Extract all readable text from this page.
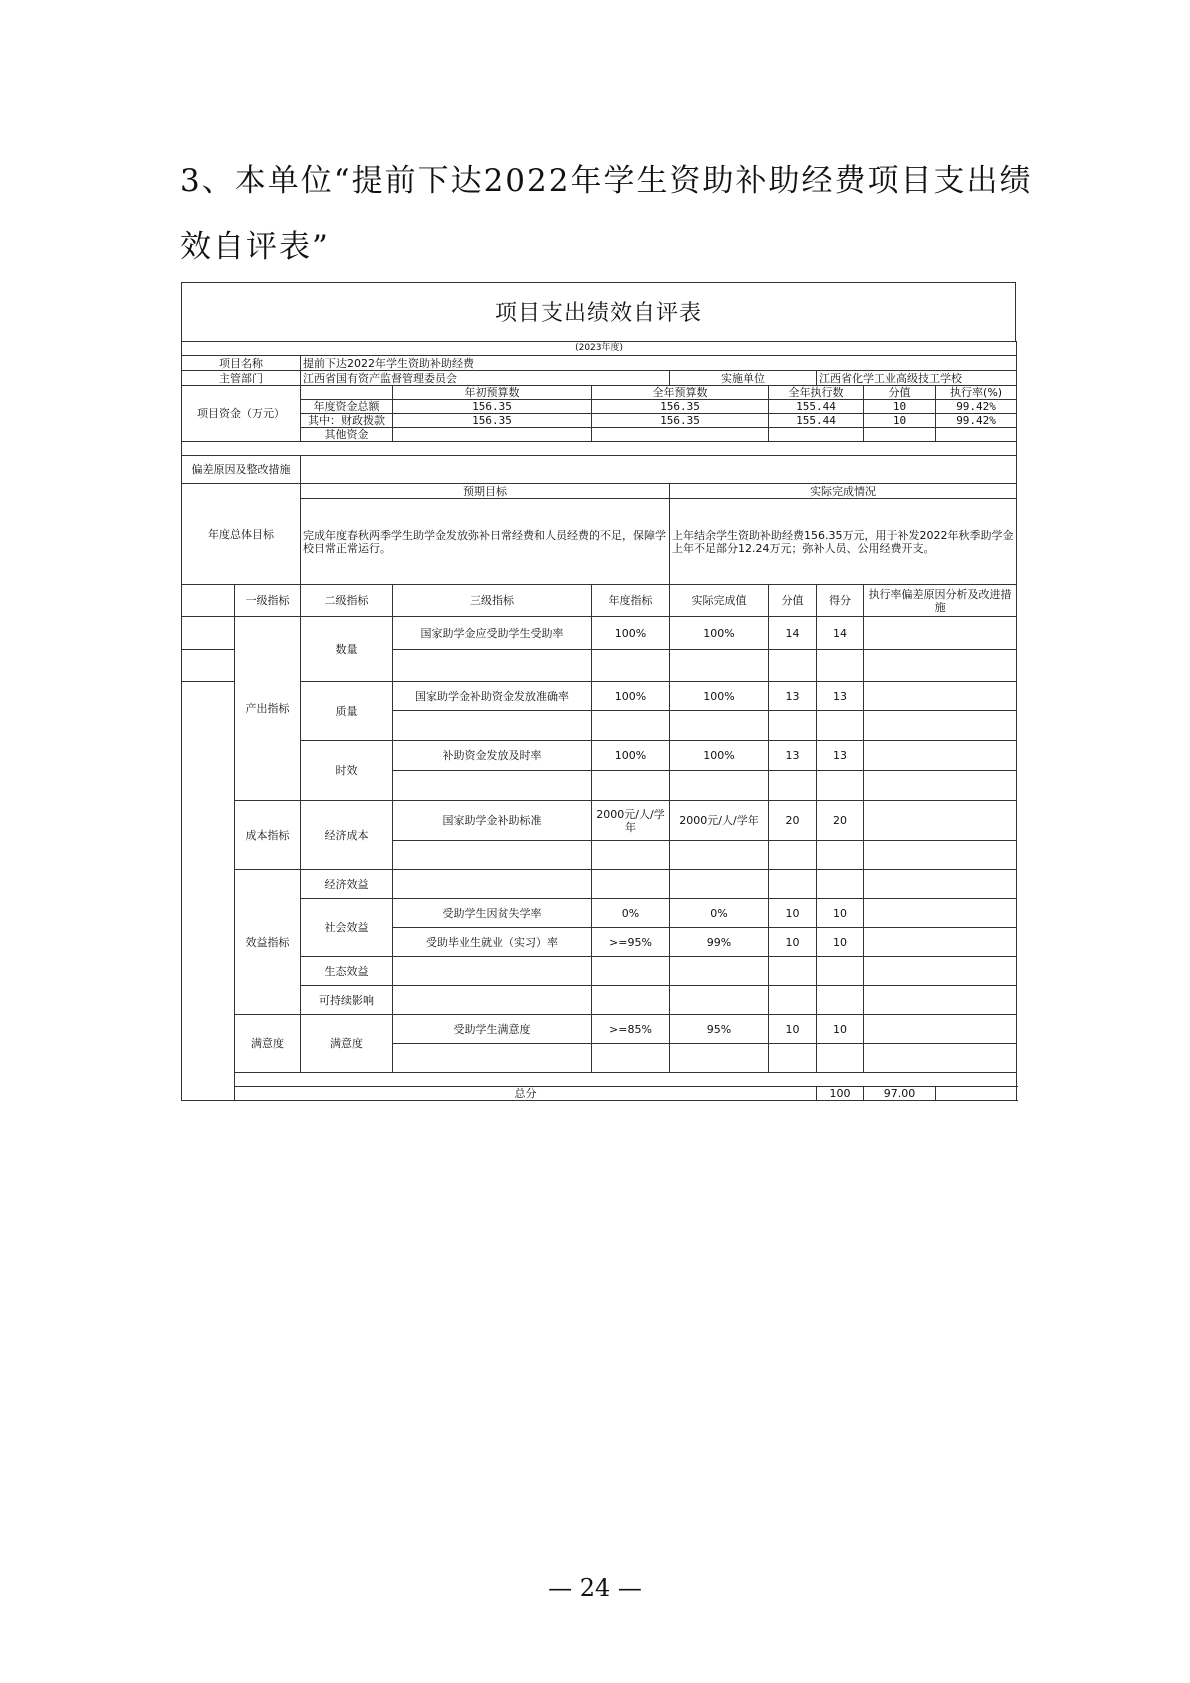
3、本单位“提前下达2022年学生资助补助经费项目支出绩
效自评表”
项目支出绩效自评表
(2023年度)										
项目名称		提前下达2022年学生资助补助经费								
主管部门		江西省国有资产监督管理委员会			实施单位		江西省化学工业高级技工学校			
项目资金（万元）			年初预算数	全年预算数		全年执行数		分值	执行率(%)	
		年度资金总额	156.35	156.35		155.44		10	99.42%	
		其中：财政拨款	156.35	156.35		155.44		10	99.42%	
		其他资金								

偏差原因及整改措施										
年度总体目标		预期目标			实际完成情况					
		完成年度春秋两季学生助学金发放弥补日常经费和人员经费的不足，保障学校日常正常运行。			上年结余学生资助补助经费156.35万元，用于补发2022年秋季助学金上年不足部分12.24万元；弥补人员、公用经费开支。					
	一级指标	二级指标	三级指标	年度指标	实际完成值	分值	得分	执行率偏差原因分析及改进措施		
	产出指标	数量	国家助学金应受助学生受助率	100%	100%	14	14			

		质量	国家助学金补助资金发放准确率	100%	100%	13	13			

		时效	补助资金发放及时率	100%	100%	13	13			

	成本指标	经济成本	国家助学金补助标准	2000元/人/学年	2000元/人/学年	20	20			

	效益指标	经济效益								
		社会效益	受助学生因贫失学率	0%	0%	10	10			
			受助毕业生就业（实习）率	>=95%	99%	10	10			
		生态效益								
		可持续影响								
	满意度	满意度	受助学生满意度	>=85%	95%	10	10			

	总分						100	97.00		
— 24 —
